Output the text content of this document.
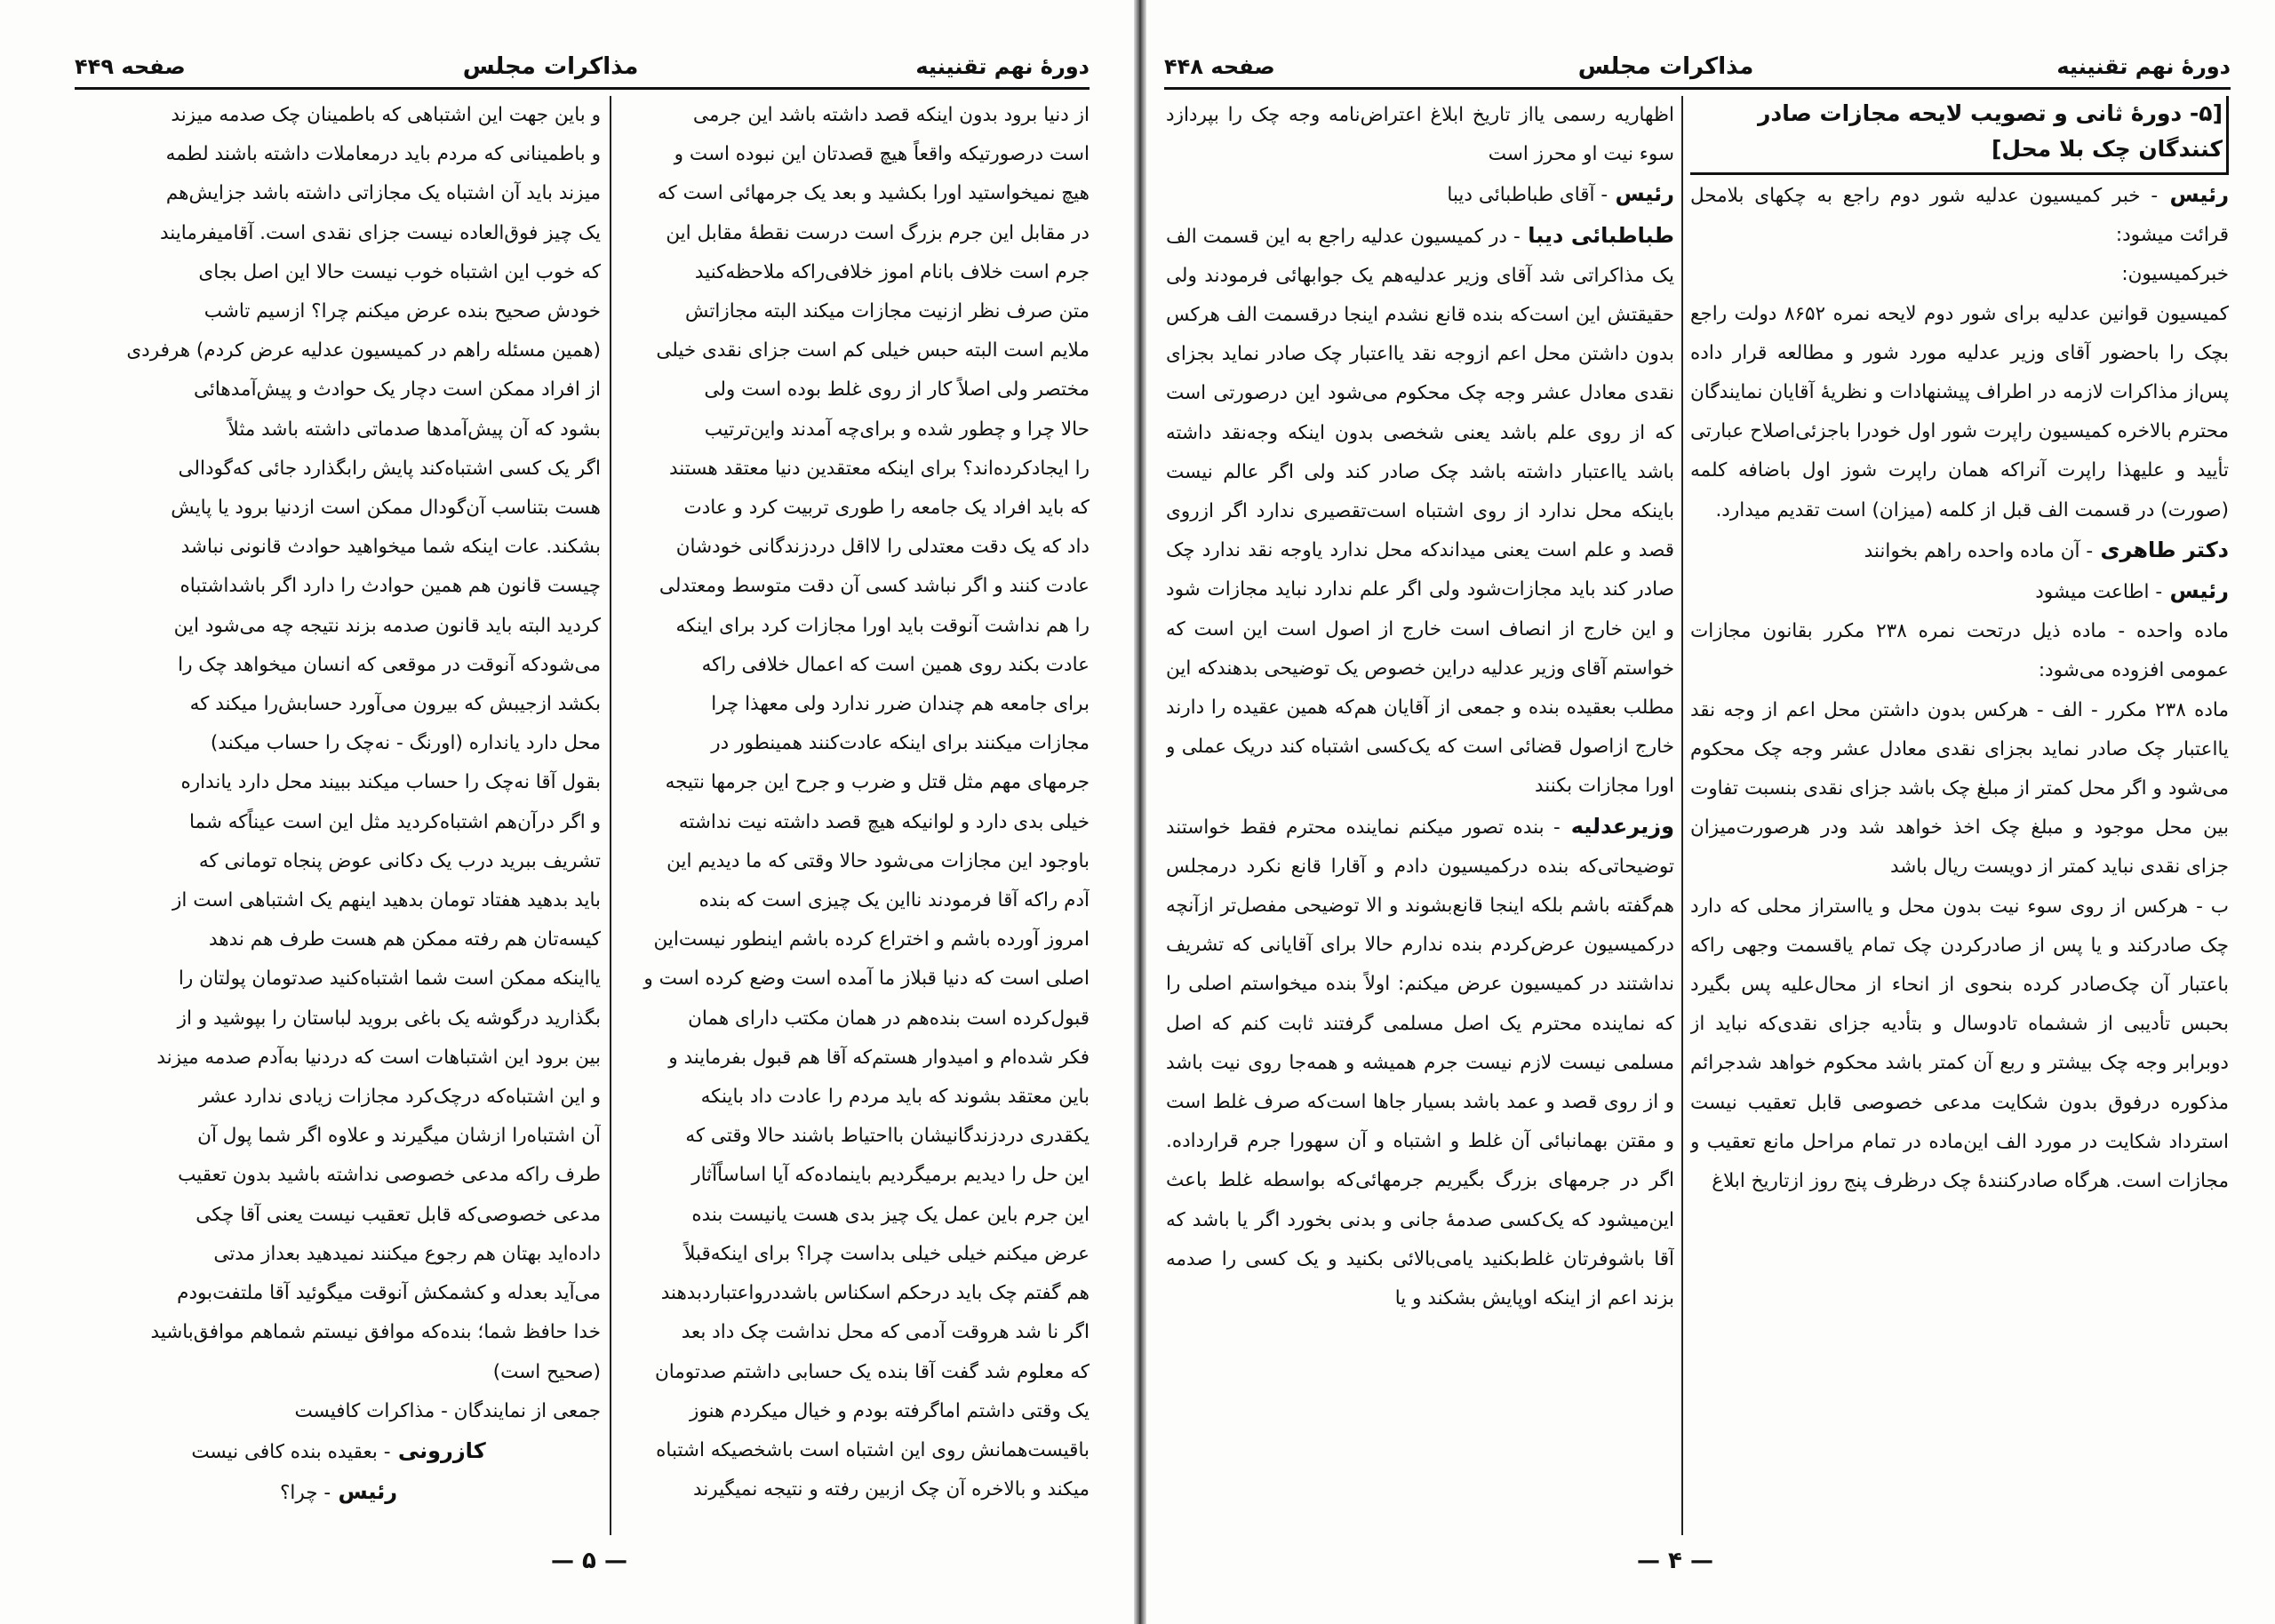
دورهٔ نهم تقنینیه
مذاکرات مجلس
صفحه ۴۴۹

از دنیا برود بدون اینکه قصد داشته باشد این جرمی

است درصورتیکه واقعاً هیچ قصدتان این نبوده است و

هیچ نمیخواستید اورا بکشید و بعد یک جرمهائی است که

در مقابل این جرم بزرگ است درست نقطهٔ مقابل این

جرم است خلاف بانام اموز خلافی‌راکه ملاحظه‌کنید

متن صرف نظر ازنیت مجازات میکند البته مجازاتش

ملایم است البته حبس خیلی کم است جزای نقدی خیلی

مختصر ولی اصلاً کار از روی غلط بوده است ولی

حالا چرا و چطور شده و برای‌چه آمدند واین‌ترتیب

را ایجادکرده‌اند؟ برای اینکه معتقدین دنیا معتقد هستند

که باید افراد یک جامعه را طوری تربیت کرد و عادت

داد که یک دقت معتدلی را لااقل دردزندگانی خودشان

عادت کنند و اگر نباشد کسی آن دقت متوسط ومعتدلی

را هم نداشت آنوقت باید اورا مجازات کرد برای اینکه

عادت بکند روی همین است که اعمال خلافی راکه

برای جامعه هم چندان ضرر ندارد ولی معهذا چرا

مجازات میکنند برای اینکه عادت‌کنند همینطور در

جرمهای مهم مثل قتل و ضرب و جرح این جرمها نتیجه

خیلی بدی دارد و لوانیکه هیچ قصد داشته نیت نداشته

باوجود این مجازات می‌شود حالا وقتی که ما دیدیم این

آدم راکه آقا فرمودند نااین یک چیزی است که بنده

امروز آورده باشم و اختراع کرده باشم اینطور نیست‌این

اصلی است که دنیا قبلاز ما آمده است وضع کرده است و

قبول‌کرده است بنده‌هم در همان مکتب دارای همان

فکر شده‌ام و امیدوار هستم‌که آقا هم قبول بفرمایند و

باین معتقد بشوند که باید مردم را عادت داد باینکه

یکقدری دردزندگانیشان بااحتیاط باشند حالا وقتی که

این حل را دیدیم برمیگردیم باینماده‌که آیا اساساً‌آثار

این جرم باین عمل یک چیز بدی هست یانیست بنده

عرض میکنم خیلی خیلی بداست چرا؟ برای اینکه‌قبلاً

هم گفتم چک باید درحکم اسکناس باشد‌درواعتبارد‌بدهند

اگر نا شد هروقت آدمی که محل نداشت چک داد بعد

که معلوم شد گفت آقا بنده یک حسابی داشتم صدتومان

یک وقتی داشتم اما‌گرفته بودم و خیال میکردم هنوز

باقیست‌همانش روی این اشتباه است باشخصیکه اشتباه

میکند و بالاخره آن چک ازبین رفته و نتیجه نمیگیرند

و باین جهت این اشتباهی که باطمینان چک صدمه میزند

و باطمینانی که مردم باید درمعاملات داشته باشند لطمه

میزند باید آن اشتباه یک مجازاتی داشته باشد جزایش‌هم

یک چیز فوق‌العاده نیست جزای نقدی است. آقامیفرمایند

که خوب این اشتباه خوب نیست حالا این اصل بجای

خودش صحیح بنده عرض میکنم چرا؟ ازسیم تاشب

(همین مسئله راهم در کمیسیون عدلیه عرض کردم) هرفردی

از افراد ممکن است دچار یک حوادث و پیش‌آمدهائی

بشود که آن پیش‌آمدها صدماتی داشته باشد مثلاً

اگر یک کسی اشتباه‌کند پایش رابگذارد جائی که‌گودالی

هست بتناسب آن‌گودال ممکن است ازدنیا برود یا پایش

بشکند. عات اینکه شما میخواهید حوادث قانونی نباشد

چیست قانون هم همین حوادث را دارد اگر باشداشتباه

کردید البته باید قانون صدمه بزند نتیجه چه می‌شود این

می‌شودکه آنوقت در موقعی که انسان میخواهد چک را

بکشد ازجیبش که بیرون می‌آورد حسابش‌را میکند که

محل دارد یانداره (اورنگ - نه‌چک را حساب میکند)

بقول آقا نه‌چک را حساب میکند ببیند محل دارد یانداره

و اگر در‌آن‌هم اشتباه‌کردید مثل این است عیناً‌که شما

تشریف ببرید درب یک دکانی عوض پنجاه تومانی که

باید بدهید هفتاد تومان بدهید اینهم یک اشتباهی است از

کیسه‌تان هم رفته ممکن هم هست طرف هم ندهد

یااینکه ممکن است شما اشتباه‌کنید صدتومان پولتان را

بگذارید درگوشه یک باغی بروید لباستان را بپوشید و از

بین برود این اشتباهات است که دردنیا به‌آدم صدمه میزند

و این اشتباه‌که درچک‌کرد مجازات زیادی ندارد عشر

آن اشتباه‌را ازشان میگیرند و علاوه اگر شما پول آن

طرف راکه مدعی خصوصی نداشته باشید بدون تعقیب

مدعی خصوصی‌که قابل تعقیب نیست یعنی آقا چکی

داده‌اید بهتان هم رجوع میکنند نمیدهید بعداز مدتی

می‌آید بعدله و کشمکش آنوقت میگوئید آقا ملتفت‌بودم

خدا حافظ شما؛ بنده‌که موافق نیستم شماهم موافق‌باشید

(صحیح است)

جمعی از نمایندگان - مذاکرات کافیست

کازرونی - بعقیده بنده کافی نیست

رئیس - چرا؟

— ۵ —
دورهٔ نهم تقنینیه
مذاکرات مجلس
صفحه ۴۴۸

[۵- دورهٔ ثانی و تصویب لایحه مجازات صادر کنندگان چک بلا محل]

رئیس - خبر کمیسیون عدلیه شور دوم راجع به چکهای بلامحل قرائت میشود:

خبرکمیسیون:

کمیسیون قوانین عدلیه برای شور دوم لایحه نمره ۸۶۵۲ دولت راجع بچک را باحضور آقای وزیر عدلیه مورد شور و مطالعه قرار داده پس‌از مذاکرات لازمه در اطراف پیشنهادات و نظریهٔ آقایان نمایندگان محترم بالاخره کمیسیون راپرت شور اول خودرا باجزئی‌اصلاح عبارتی تأیید و علیهذا راپرت آنراکه همان راپرت شوز اول باضافه کلمه (صورت) در قسمت الف قبل از کلمه (میزان) است تقدیم میدارد.

دکتر طاهری - آن ماده واحده راهم بخوانند

رئیس - اطاعت میشود

ماده واحده - ماده ذیل درتحت نمره ۲۳۸ مکرر بقانون مجازات عمومی افزوده می‌شود:

ماده ۲۳۸ مکرر - الف - هرکس بدون داشتن محل اعم از وجه نقد یااعتبار چک صادر نماید بجزای نقدی معادل عشر وجه چک محکوم می‌شود و اگر محل کمتر از مبلغ چک باشد جزای نقدی بنسبت تفاوت بین محل موجود و مبلغ چک اخذ خواهد شد ودر هرصورت‌میزان جزای نقدی نباید کمتر از دویست ریال باشد

ب - هرکس از روی سوء نیت بدون محل و یااستراز محلی که دارد چک صادرکند و یا پس از صادرکردن چک تمام یاقسمت وجهی راکه باعتبار آن چک‌صادر کرده بنحوی از انحاء از محال‌علیه پس بگیرد بحبس تأدیبی از ششماه تادوسال و بتأدیه جزای نقدی‌که نباید از دوبرابر وجه چک بیشتر و ربع آن کمتر باشد محکوم خواهد شدجرائم مذکوره درفوق بدون شکایت مدعی خصوصی قابل تعقیب نیست استرداد شکایت در مورد الف این‌ماده در تمام مراحل مانع تعقیب و مجازات است. هرگاه صادرکنندهٔ چک درظرف پنج روز ازتاریخ ابلاغ

اظهاریه رسمی یااز تاریخ ابلاغ اعتراض‌نامه وجه چک را بپردازد سوء نیت او محرز است

رئیس - آقای طباطبائی دیبا

طباطبائی دیبا - در کمیسیون عدلیه راجع به این قسمت الف یک مذاکراتی شد آقای وزیر عدلیه‌هم یک جوابهائی فرمودند ولی حقیقتش این است‌که بنده قانع نشدم اینجا درقسمت الف هرکس بدون داشتن محل اعم ازوجه نقد یااعتبار چک صادر نماید بجزای نقدی معادل عشر وجه چک محکوم می‌شود این درصورتی است که از روی علم باشد یعنی شخصی بدون اینکه وجه‌نقد داشته باشد یااعتبار داشته باشد چک صادر کند ولی اگر عالم نیست باینکه محل ندارد از روی اشتباه است‌تقصیری ندارد اگر ازروی قصد و علم است یعنی میداندکه محل ندارد یاوجه نقد ندارد چک صادر کند باید مجازات‌شود ولی اگر علم ندارد نباید مجازات شود و این خارج از انصاف است خارج از اصول است این است که خواستم آقای وزیر عدلیه دراین خصوص یک توضیحی بدهندکه این مطلب بعقیده بنده و جمعی از آقایان هم‌که همین عقیده را دارند خارج ازاصول قضائی است که یک‌کسی اشتباه کند دریک عملی و اورا مجازات بکنند

وزیرعدلیه - بنده تصور میکنم نماینده محترم فقط خواستند توضیحاتی‌که بنده درکمیسیون دادم و آقارا قانع نکرد درمجلس هم‌گفته باشم بلکه اینجا قانع‌بشوند و الا توضیحی مفصل‌تر ازآنچه درکمیسیون عرض‌کردم بنده ندارم حالا برای آقایانی که تشریف نداشتند در کمیسیون عرض میکنم: اولاً بنده میخواستم اصلی را که نماینده محترم یک اصل مسلمی گرفتند ثابت کنم که اصل مسلمی نیست لازم نیست جرم همیشه و همه‌جا روی نیت باشد و از روی قصد و عمد باشد بسیار جاها است‌که صرف غلط است و مقتن بهمانبائی آن غلط و اشتباه و آن سهورا جرم قرارداده. اگر در جرمهای بزرگ بگیریم جرمهائی‌که بواسطه غلط باعث این‌میشود که یک‌کسی صدمهٔ جانی و بدنی بخورد اگر یا باشد که آقا باشوفرتان غلط‌بکنید یامی‌بالائی بکنید و یک کسی را صدمه بزند اعم از اینکه اوپایش بشکند و یا

— ۴ —
